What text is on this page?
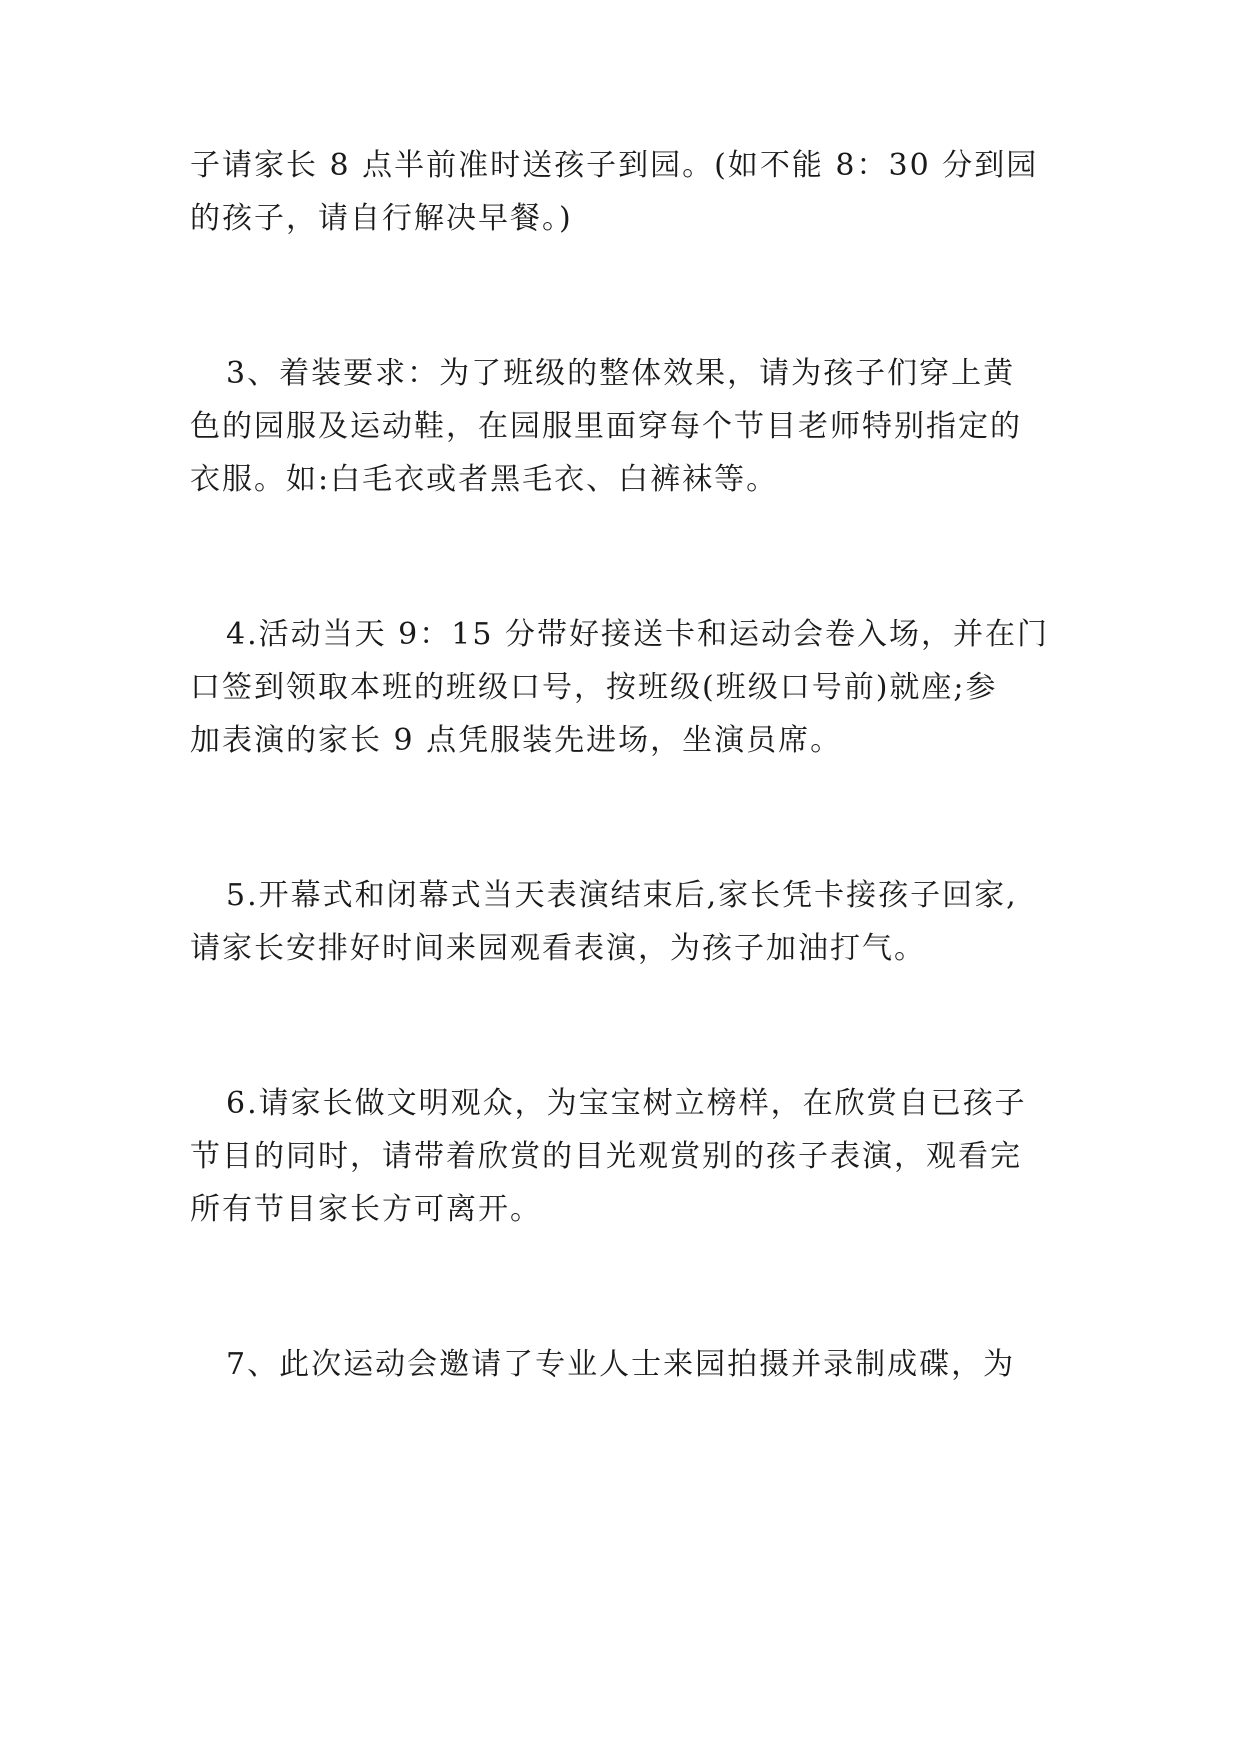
子请家长 8 点半前准时送孩子到园。(如不能 8：30 分到园
的孩子，请自行解决早餐。)
3、着装要求：为了班级的整体效果，请为孩子们穿上黄
色的园服及运动鞋，在园服里面穿每个节目老师特别指定的
衣服。如:白毛衣或者黑毛衣、白裤袜等。
4.活动当天 9：15 分带好接送卡和运动会卷入场，并在门
口签到领取本班的班级口号，按班级(班级口号前)就座;参
加表演的家长 9 点凭服装先进场，坐演员席。
5.开幕式和闭幕式当天表演结束后,家长凭卡接孩子回家,
请家长安排好时间来园观看表演，为孩子加油打气。
6.请家长做文明观众，为宝宝树立榜样，在欣赏自已孩子
节目的同时，请带着欣赏的目光观赏别的孩子表演，观看完
所有节目家长方可离开。
7、此次运动会邀请了专业人士来园拍摄并录制成碟，为
